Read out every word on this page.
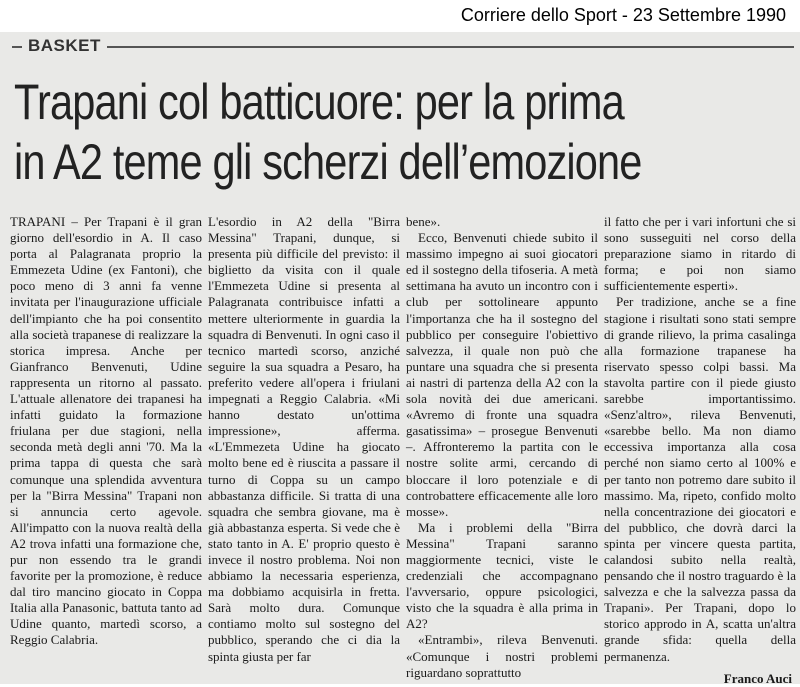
Corriere dello Sport - 23 Settembre 1990
BASKET
Trapani col batticuore: per la prima
in A2 teme gli scherzi dell’emozione

TRAPANI – Per Trapani è il gran giorno dell'esordio in A. Il caso porta al Palagranata proprio la Emmezeta Udine (ex Fantoni), che poco meno di 3 anni fa venne invitata per l'inaugurazione ufficiale dell'impianto che ha poi consentito alla società trapanese di realizzare la storica impresa. Anche per Gianfranco Benvenuti, Udine rappresenta un ritorno al passato. L'attuale allenatore dei trapanesi ha infatti guidato la formazione friulana per due stagioni, nella seconda metà degli anni '70. Ma la prima tappa di questa che sarà comunque una splendida avventura per la "Birra Messina" Trapani non si annuncia certo agevole. All'impatto con la nuova realtà della A2 trova infatti una formazione che, pur non essendo tra le grandi favorite per la promozione, è reduce dal tiro mancino giocato in Coppa Italia alla Panasonic, battuta tanto ad Udine quanto, martedì scorso, a Reggio Calabria.

L'esordio in A2 della "Birra Messina" Trapani, dunque, si presenta più difficile del previsto: il biglietto da visita con il quale l'Emmezeta Udine si presenta al Palagranata contribuisce infatti a mettere ulteriormente in guardia la squadra di Benvenuti. In ogni caso il tecnico martedì scorso, anziché seguire la sua squadra a Pesaro, ha preferito vedere all'opera i friulani impegnati a Reggio Calabria. «Mi hanno destato un'ottima impressione», afferma. «L'Emmezeta Udine ha giocato molto bene ed è riuscita a passare il turno di Coppa su un campo abbastanza difficile. Si tratta di una squadra che sembra giovane, ma è già abbastanza esperta. Si vede che è stato tanto in A. E' proprio questo è invece il nostro problema. Noi non abbiamo la necessaria esperienza, ma dobbiamo acquisirla in fretta. Sarà molto dura. Comunque contiamo molto sul sostegno del pubblico, sperando che ci dia la spinta giusta per far

bene».

Ecco, Benvenuti chiede subito il massimo impegno ai suoi giocatori ed il sostegno della tifoseria. A metà settimana ha avuto un incontro con i club per sottolineare appunto l'importanza che ha il sostegno del pubblico per conseguire l'obiettivo salvezza, il quale non può che puntare una squadra che si presenta ai nastri di partenza della A2 con la sola novità dei due americani. «Avremo di fronte una squadra gasatissima» – prosegue Benvenuti –. Affronteremo la partita con le nostre solite armi, cercando di bloccare il loro potenziale e di controbattere efficacemente alle loro mosse».

Ma i problemi della "Birra Messina" Trapani saranno maggiormente tecnici, viste le credenziali che accompagnano l'avversario, oppure psicologici, visto che la squadra è alla prima in A2?

«Entrambi», rileva Benvenuti. «Comunque i nostri problemi riguardano soprattutto

il fatto che per i vari infortuni che si sono susseguiti nel corso della preparazione siamo in ritardo di forma; e poi non siamo sufficientemente esperti».

Per tradizione, anche se a fine stagione i risultati sono stati sempre di grande rilievo, la prima casalinga alla formazione trapanese ha riservato spesso colpi bassi. Ma stavolta partire con il piede giusto sarebbe importantissimo. «Senz'altro», rileva Benvenuti, «sarebbe bello. Ma non diamo eccessiva importanza alla cosa perché non siamo certo al 100% e per tanto non potremo dare subito il massimo. Ma, ripeto, confido molto nella concentrazione dei giocatori e del pubblico, che dovrà darci la spinta per vincere questa partita, calandosi subito nella realtà, pensando che il nostro traguardo è la salvezza e che la salvezza passa da Trapani». Per Trapani, dopo lo storico approdo in A, scatta un'altra grande sfida: quella della permanenza.

Franco Auci
